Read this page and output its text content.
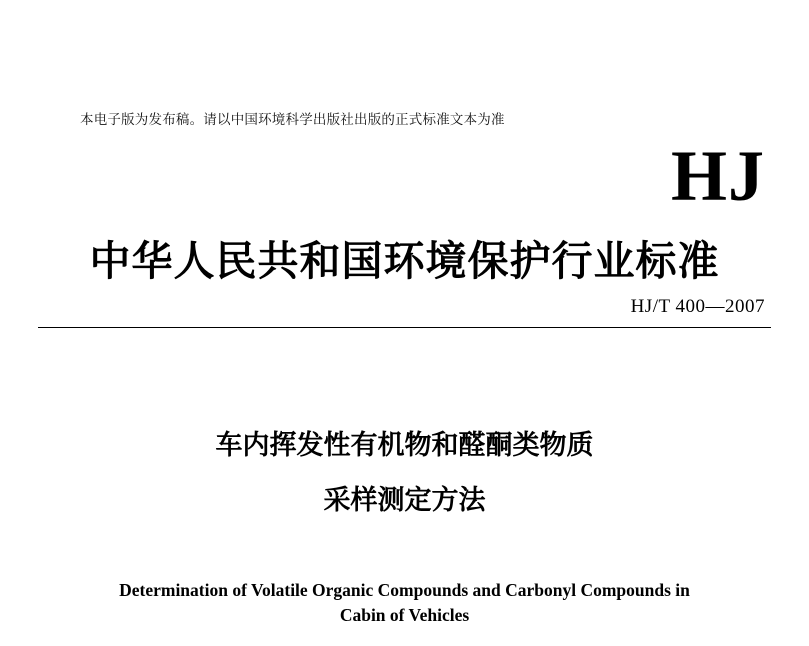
本电子版为发布稿。请以中国环境科学出版社出版的正式标准文本为准
HJ
中华人民共和国环境保护行业标准
HJ/T 400—2007
车内挥发性有机物和醛酮类物质
采样测定方法
Determination of Volatile Organic Compounds and Carbonyl Compounds in
Cabin of Vehicles
